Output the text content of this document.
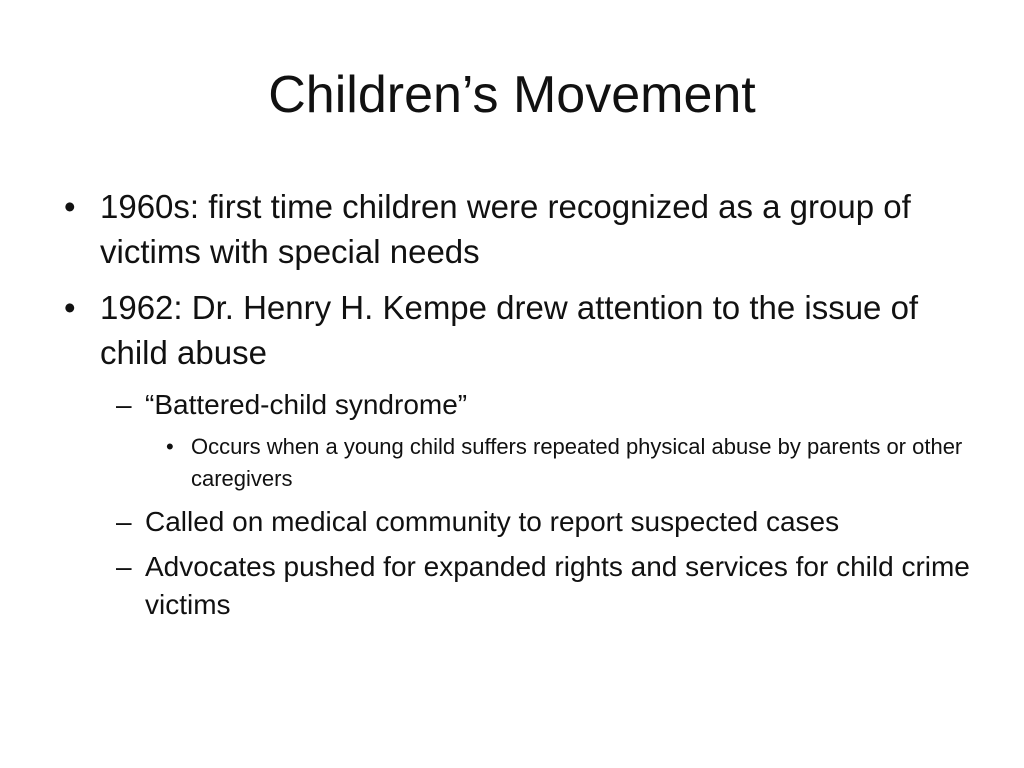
Children’s Movement
• 1960s: first time children were recognized as a group of victims with special needs
• 1962: Dr. Henry H. Kempe drew attention to the issue of child abuse
– “Battered-child syndrome”
• Occurs when a young child suffers repeated physical abuse by parents or other caregivers
– Called on medical community to report suspected cases
– Advocates pushed for expanded rights and services for child crime victims
